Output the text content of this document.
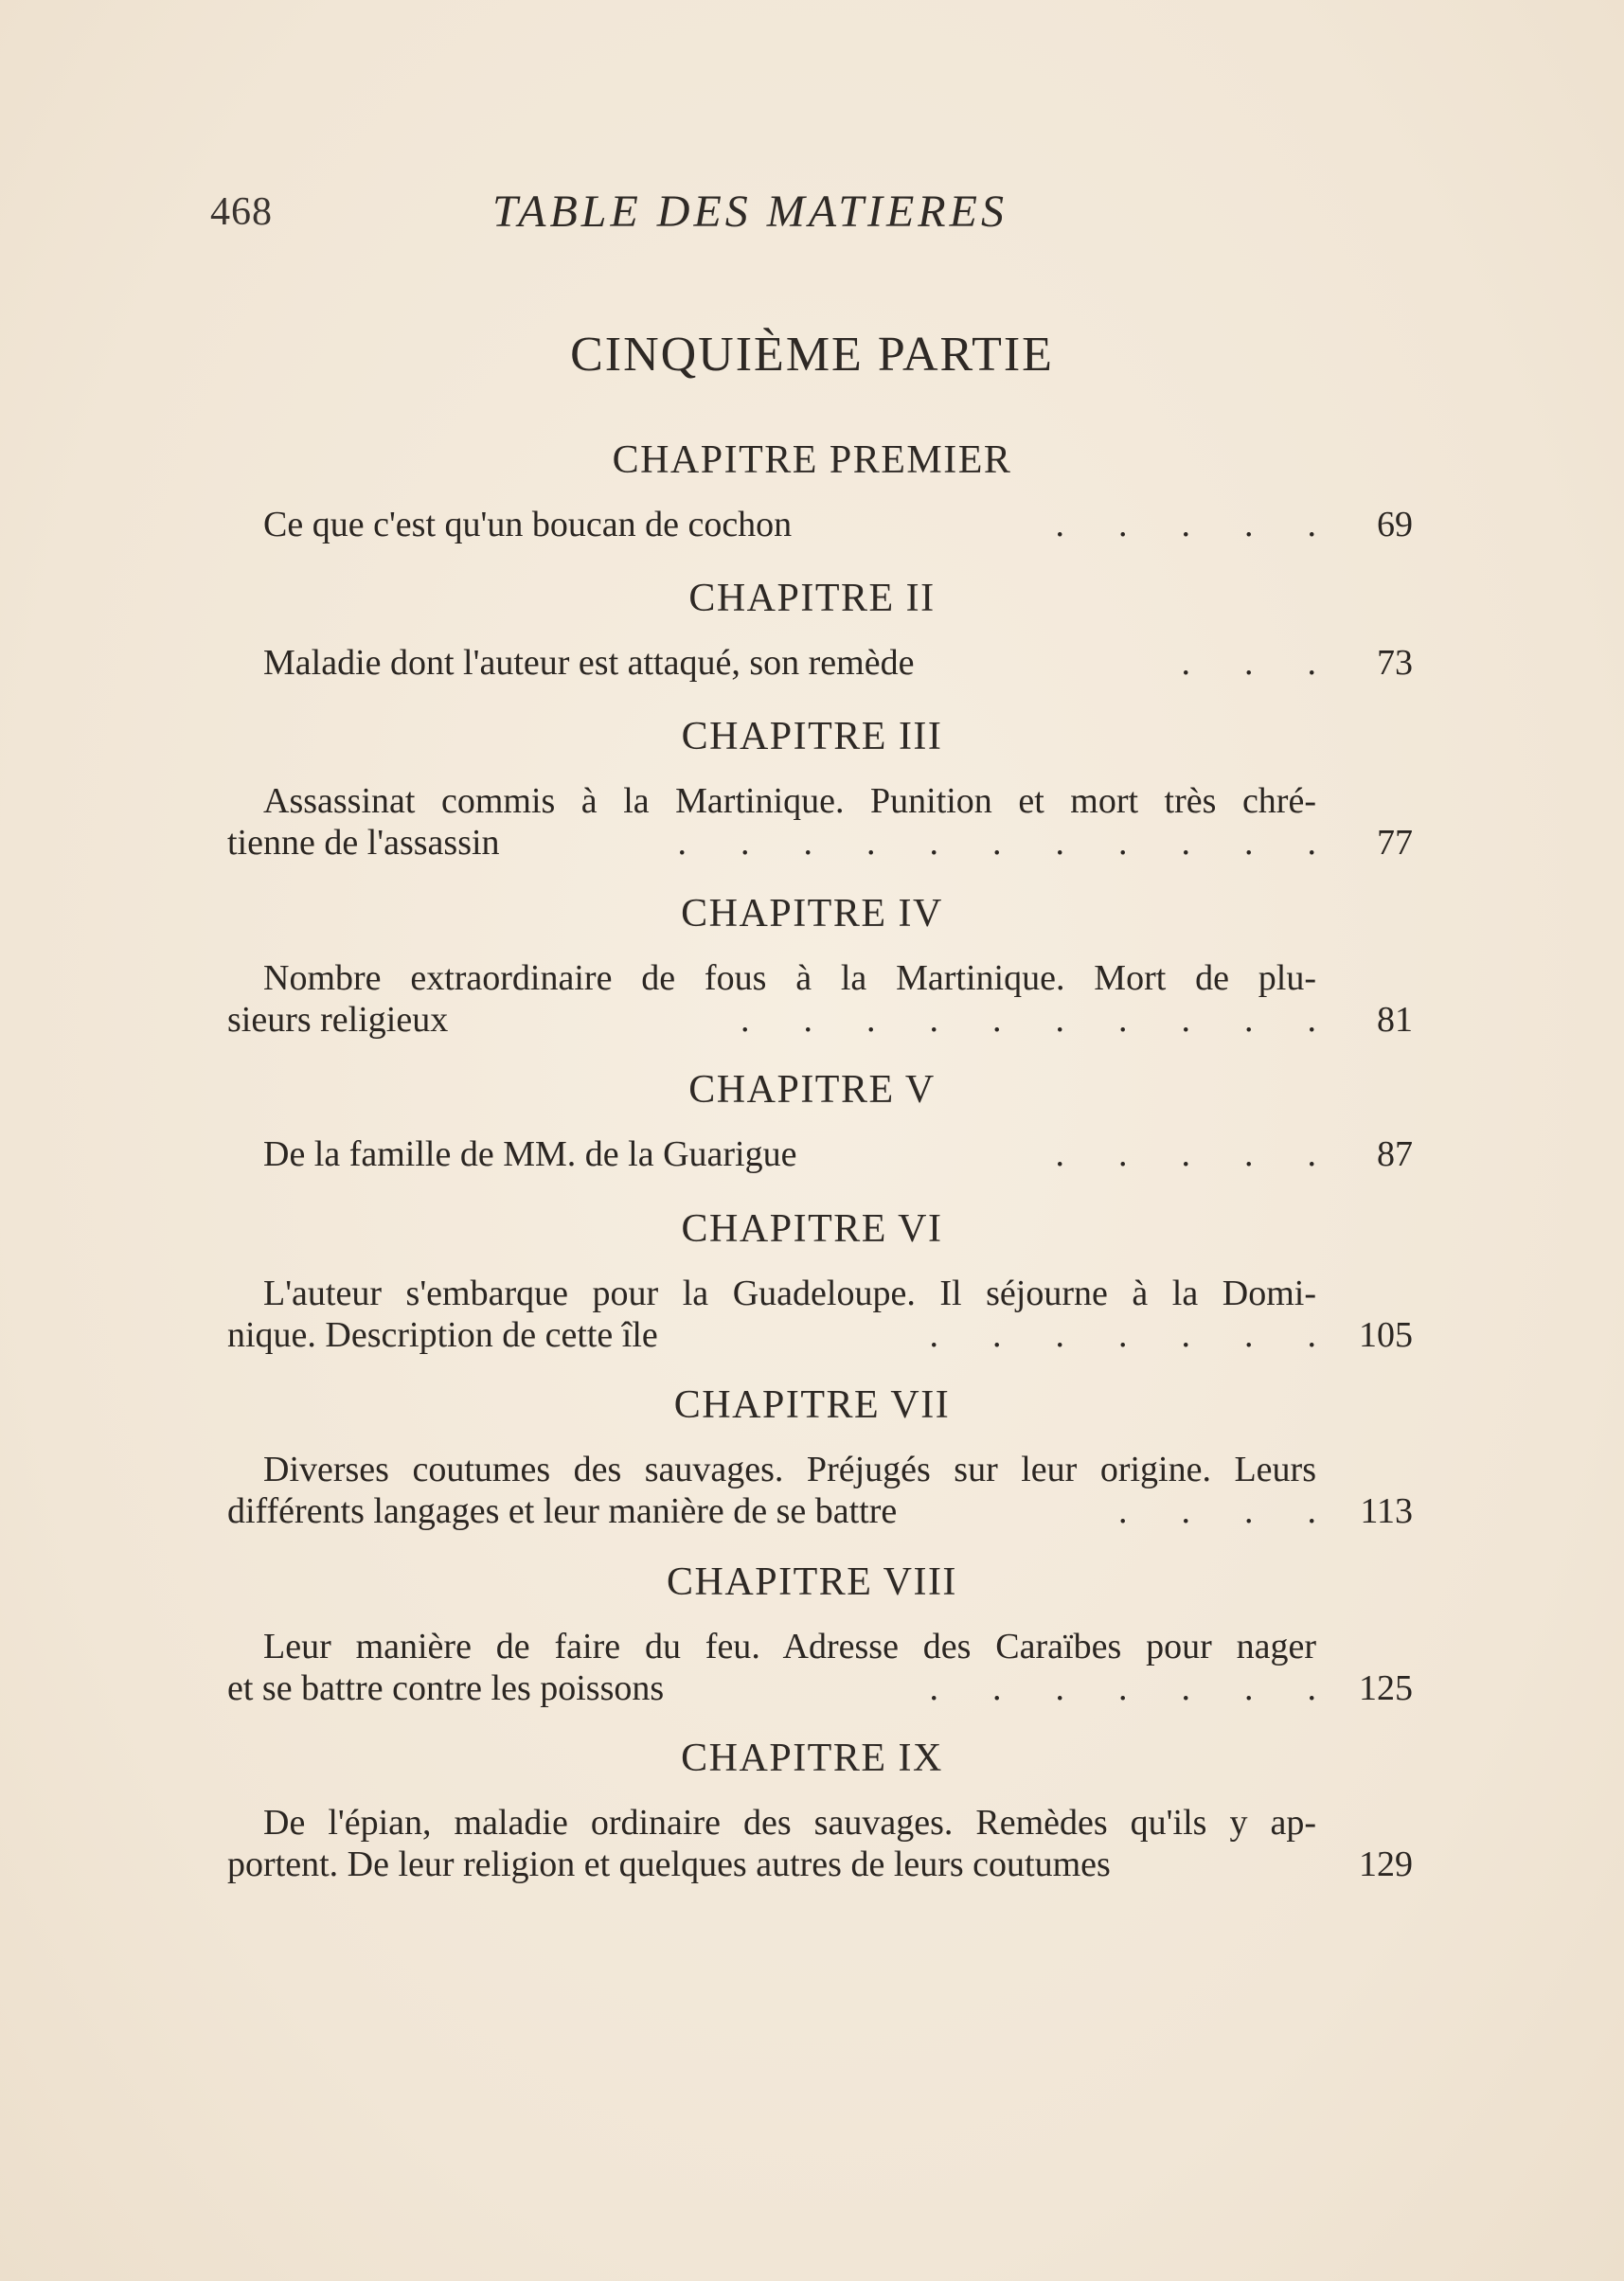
468	TABLE DES MATIERES
CINQUIÈME PARTIE
CHAPITRE PREMIER
Ce que c'est qu'un boucan de cochon	.      .      .      .      .	69
CHAPITRE II
Maladie dont l'auteur est attaqué, son remède	.      .      .	73
CHAPITRE III
Assassinat commis à la Martinique. Punition et mort très chré-
tienne de l'assassin	.      .      .      .      .      .      .      .      .      .      .	77
CHAPITRE IV
Nombre extraordinaire de fous à la Martinique. Mort de plu-
sieurs religieux	.      .      .      .      .      .      .      .      .      .	81
CHAPITRE V
De la famille de MM. de la Guarigue	.      .      .      .      .	87
CHAPITRE VI
L'auteur s'embarque pour la Guadeloupe. Il séjourne à la Domi-
nique. Description de cette île	.      .      .      .      .      .      .	105
CHAPITRE VII
Diverses coutumes des sauvages. Préjugés sur leur origine. Leurs
différents langages et leur manière de se battre	.      .      .      .	113
CHAPITRE VIII
Leur manière de faire du feu. Adresse des Caraïbes pour nager
et se battre contre les poissons	.      .      .      .      .      .      .	125
CHAPITRE IX
De l'épian, maladie ordinaire des sauvages. Remèdes qu'ils y ap-
portent. De leur religion et quelques autres de leurs coutumes	129
